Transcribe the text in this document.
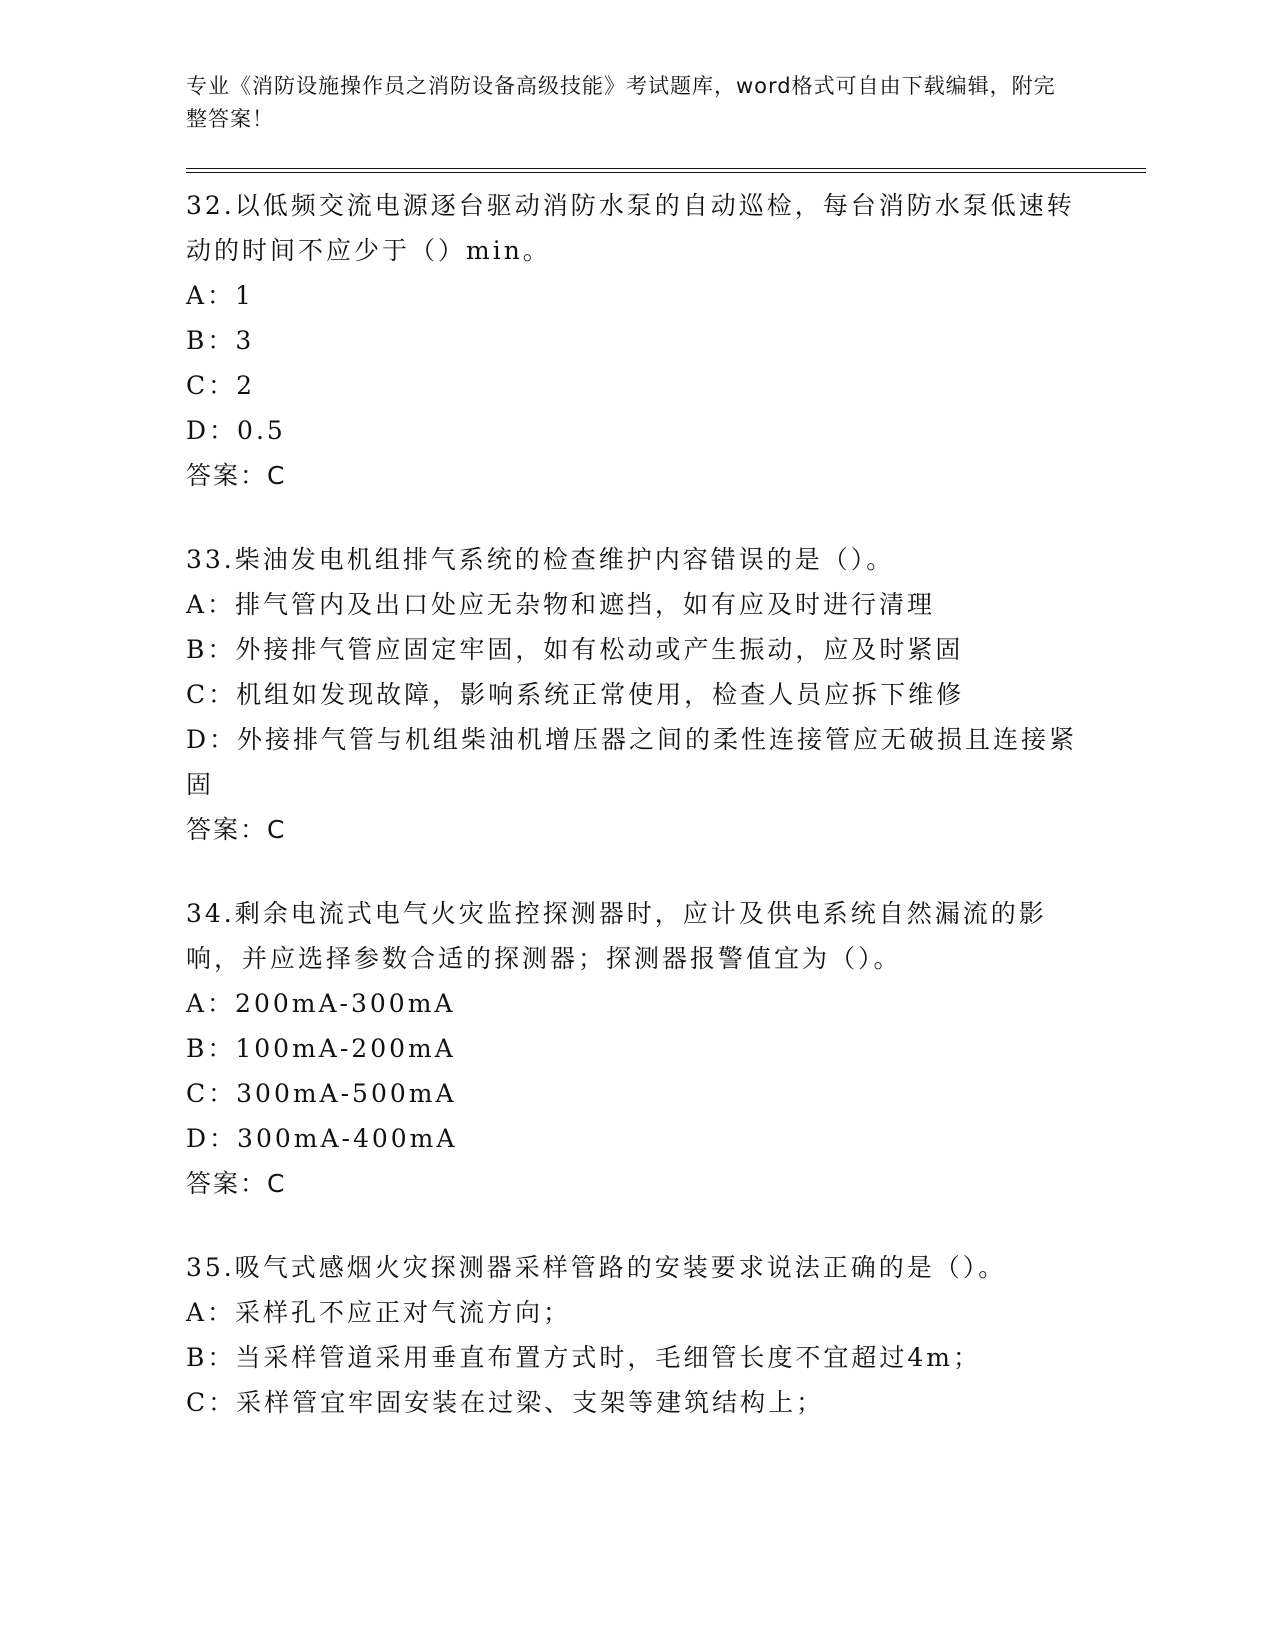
专业《消防设施操作员之消防设备高级技能》考试题库，word格式可自由下载编辑，附完整答案！

32.以低频交流电源逐台驱动消防水泵的自动巡检，每台消防水泵低速转动的时间不应少于（）min。

A：1

B：3

C：2

D：0.5

答案：C

33.柴油发电机组排气系统的检查维护内容错误的是（）。

A：排气管内及出口处应无杂物和遮挡，如有应及时进行清理

B：外接排气管应固定牢固，如有松动或产生振动，应及时紧固

C：机组如发现故障，影响系统正常使用，检查人员应拆下维修

D：外接排气管与机组柴油机增压器之间的柔性连接管应无破损且连接紧固

答案：C

34.剩余电流式电气火灾监控探测器时，应计及供电系统自然漏流的影响，并应选择参数合适的探测器；探测器报警值宜为（）。

A：200mA-300mA

B：100mA-200mA

C：300mA-500mA

D：300mA-400mA

答案：C

35.吸气式感烟火灾探测器采样管路的安装要求说法正确的是（）。

A：采样孔不应正对气流方向；

B：当采样管道采用垂直布置方式时，毛细管长度不宜超过4m；

C：采样管宜牢固安装在过梁、支架等建筑结构上；
